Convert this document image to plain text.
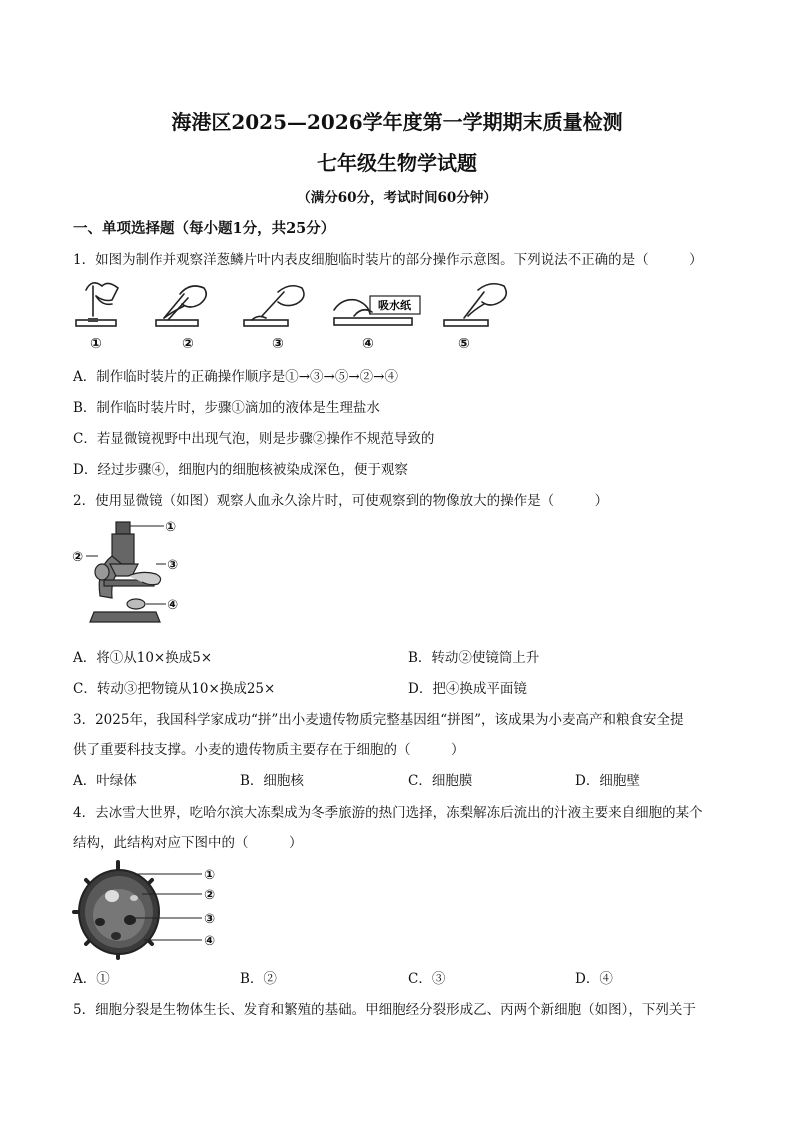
海港区2025—2026学年度第一学期期末质量检测
七年级生物学试题
（满分60分，考试时间60分钟）
一、单项选择题（每小题1分，共25分）
1．如图为制作并观察洋葱鳞片叶内表皮细胞临时装片的部分操作示意图。下列说法不正确的是（　　　）
吸水纸
①	②	③	④	⑤
A．制作临时装片的正确操作顺序是①→③→⑤→②→④
B．制作临时装片时，步骤①滴加的液体是生理盐水
C．若显微镜视野中出现气泡，则是步骤②操作不规范导致的
D．经过步骤④，细胞内的细胞核被染成深色，便于观察
2．使用显微镜（如图）观察人血永久涂片时，可使观察到的物像放大的操作是（　　　）
①
②
③
④
A．将①从10×换成5×	B．转动②使镜筒上升
C．转动③把物镜从10×换成25×	D．把④换成平面镜
3．2025年，我国科学家成功“拼”出小麦遗传物质完整基因组“拼图”，该成果为小麦高产和粮食安全提
供了重要科技支撑。小麦的遗传物质主要存在于细胞的（　　　）
A．叶绿体	B．细胞核	C．细胞膜	D．细胞壁
4．去冰雪大世界，吃哈尔滨大冻梨成为冬季旅游的热门选择，冻梨解冻后流出的汁液主要来自细胞的某个
结构，此结构对应下图中的（　　　）
①
②
③
④
A．①	B．②	C．③	D．④
5．细胞分裂是生物体生长、发育和繁殖的基础。甲细胞经分裂形成乙、丙两个新细胞（如图），下列关于
